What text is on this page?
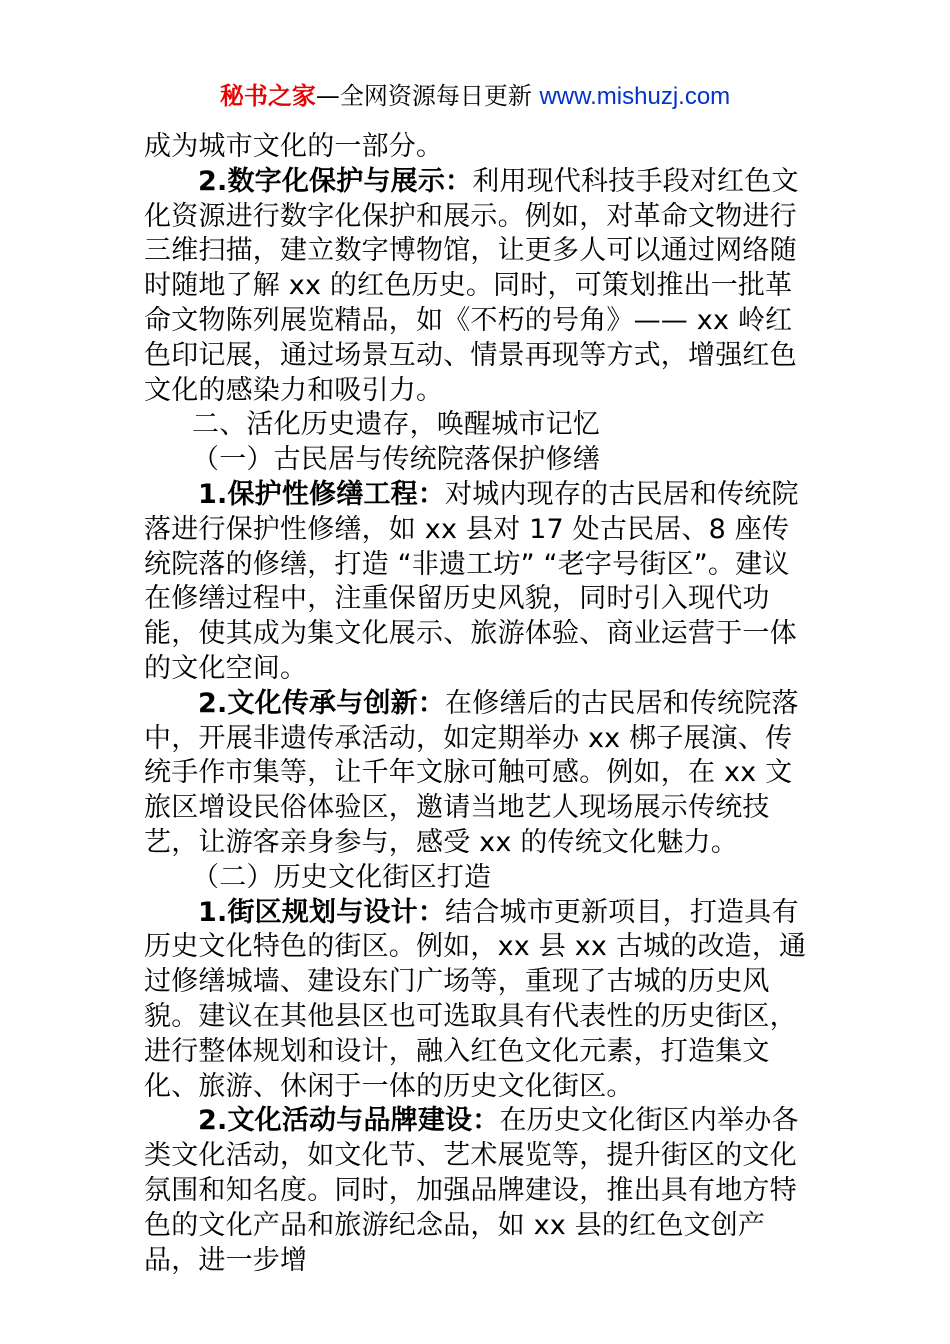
秘书之家—全网资源每日更新 www.mishuzj.com

成为城市文化的一部分。

2.数字化保护与展示：利用现代科技手段对红色文化资源进行数字化保护和展示。例如，对革命文物进行三维扫描，建立数字博物馆，让更多人可以通过网络随时随地了解 xx 的红色历史。同时，可策划推出一批革命文物陈列展览精品，如《不朽的号角》—— xx 岭红色印记展，通过场景互动、情景再现等方式，增强红色文化的感染力和吸引力。

二、活化历史遗存，唤醒城市记忆

（一）古民居与传统院落保护修缮

1.保护性修缮工程：对城内现存的古民居和传统院落进行保护性修缮，如 xx 县对 17 处古民居、8 座传统院落的修缮，打造 “非遗工坊” “老字号街区”。建议在修缮过程中，注重保留历史风貌，同时引入现代功能，使其成为集文化展示、旅游体验、商业运营于一体的文化空间。

2.文化传承与创新：在修缮后的古民居和传统院落中，开展非遗传承活动，如定期举办 xx 梆子展演、传统手作市集等，让千年文脉可触可感。例如，在 xx 文旅区增设民俗体验区，邀请当地艺人现场展示传统技艺，让游客亲身参与，感受 xx 的传统文化魅力。

（二）历史文化街区打造

1.街区规划与设计：结合城市更新项目，打造具有历史文化特色的街区。例如，xx 县 xx 古城的改造，通过修缮城墙、建设东门广场等，重现了古城的历史风貌。建议在其他县区也可选取具有代表性的历史街区，进行整体规划和设计，融入红色文化元素，打造集文化、旅游、休闲于一体的历史文化街区。

2.文化活动与品牌建设：在历史文化街区内举办各类文化活动，如文化节、艺术展览等，提升街区的文化氛围和知名度。同时，加强品牌建设，推出具有地方特色的文化产品和旅游纪念品，如 xx 县的红色文创产品，进一步增
